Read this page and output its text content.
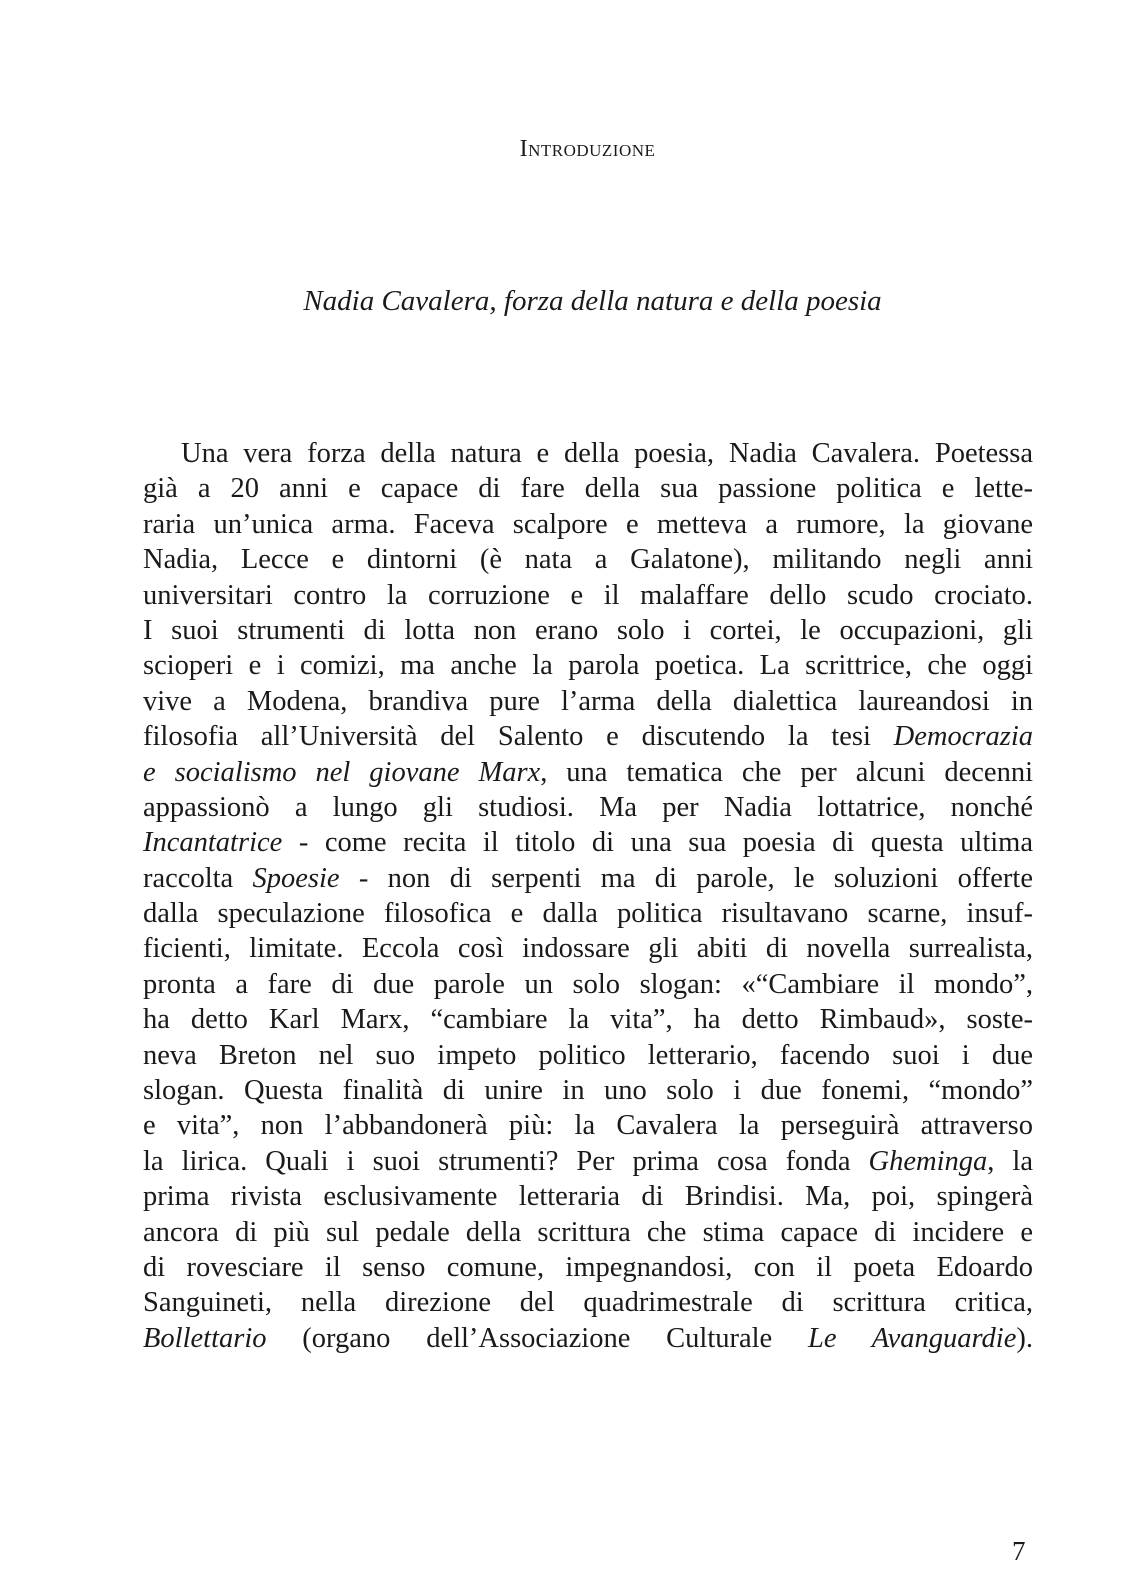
Introduzione
Nadia Cavalera, forza della natura e della poesia
Una vera forza della natura e della poesia, Nadia Cavalera. Poetessa
già a 20 anni e capace di fare della sua passione politica e lette-
raria un’unica arma. Faceva scalpore e metteva a rumore, la giovane
Nadia, Lecce e dintorni (è nata a Galatone), militando negli anni
universitari contro la corruzione e il malaffare dello scudo crociato.
I suoi strumenti di lotta non erano solo i cortei, le occupazioni, gli
scioperi e i comizi, ma anche la parola poetica. La scrittrice, che oggi
vive a Modena, brandiva pure l’arma della dialettica laureandosi in
filosofia all’Università del Salento e discutendo la tesi Democrazia
e socialismo nel giovane Marx, una tematica che per alcuni decenni
appassionò a lungo gli studiosi. Ma per Nadia lottatrice, nonché
Incantatrice - come recita il titolo di una sua poesia di questa ultima
raccolta Spoesie - non di serpenti ma di parole, le soluzioni offerte
dalla speculazione filosofica e dalla politica risultavano scarne, insuf-
ficienti, limitate. Eccola così indossare gli abiti di novella surrealista,
pronta a fare di due parole un solo slogan: «“Cambiare il mondo”,
ha detto Karl Marx, “cambiare la vita”, ha detto Rimbaud», soste-
neva Breton nel suo impeto politico letterario, facendo suoi i due
slogan. Questa finalità di unire in uno solo i due fonemi, “mondo”
e vita”, non l’abbandonerà più: la Cavalera la perseguirà attraverso
la lirica. Quali i suoi strumenti? Per prima cosa fonda Gheminga, la
prima rivista esclusivamente letteraria di Brindisi. Ma, poi, spingerà
ancora di più sul pedale della scrittura che stima capace di incidere e
di rovesciare il senso comune, impegnandosi, con il poeta Edoardo
Sanguineti, nella direzione del quadrimestrale di scrittura critica,
Bollettario (organo dell’Associazione Culturale Le Avanguardie).

7
